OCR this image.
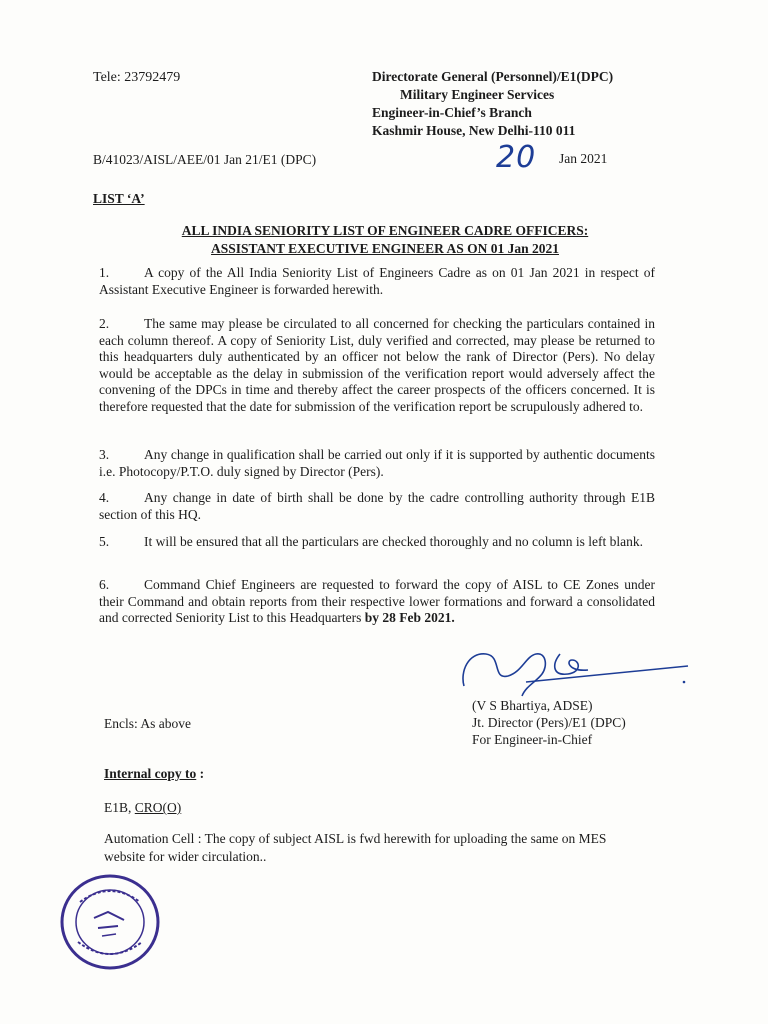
Tele: 23792479	Directorate General (Personnel)/E1(DPC)
Military Engineer Services
Engineer-in-Chief’s Branch
Kashmir House, New Delhi-110 011
B/41023/AISL/AEE/01 Jan 21/E1 (DPC)	20 Jan 2021
LIST ‘A’
ALL INDIA SENIORITY LIST OF ENGINEER CADRE OFFICERS:
ASSISTANT EXECUTIVE ENGINEER AS ON 01 Jan 2021
1.	A copy of the All India Seniority List of Engineers Cadre as on 01 Jan 2021 in respect of Assistant Executive Engineer is forwarded herewith.
2.	The same may please be circulated to all concerned for checking the particulars contained in each column thereof. A copy of Seniority List, duly verified and corrected, may please be returned to this headquarters duly authenticated by an officer not below the rank of Director (Pers). No delay would be acceptable as the delay in submission of the verification report would adversely affect the convening of the DPCs in time and thereby affect the career prospects of the officers concerned. It is therefore requested that the date for submission of the verification report be scrupulously adhered to.
3.	Any change in qualification shall be carried out only if it is supported by authentic documents i.e. Photocopy/P.T.O. duly signed by Director (Pers).
4.	Any change in date of birth shall be done by the cadre controlling authority through E1B section of this HQ.
5.	It will be ensured that all the particulars are checked thoroughly and no column is left blank.
6.	Command Chief Engineers are requested to forward the copy of AISL to CE Zones under their Command and obtain reports from their respective lower formations and forward a consolidated and corrected Seniority List to this Headquarters by 28 Feb 2021.
(V S Bhartiya, ADSE)
Jt. Director (Pers)/E1 (DPC)
For Engineer-in-Chief
Encls: As above
Internal copy to :
E1B, CRO(O)
Automation Cell : The copy of subject AISL is fwd herewith for uploading the same on MES website for wider circulation..
